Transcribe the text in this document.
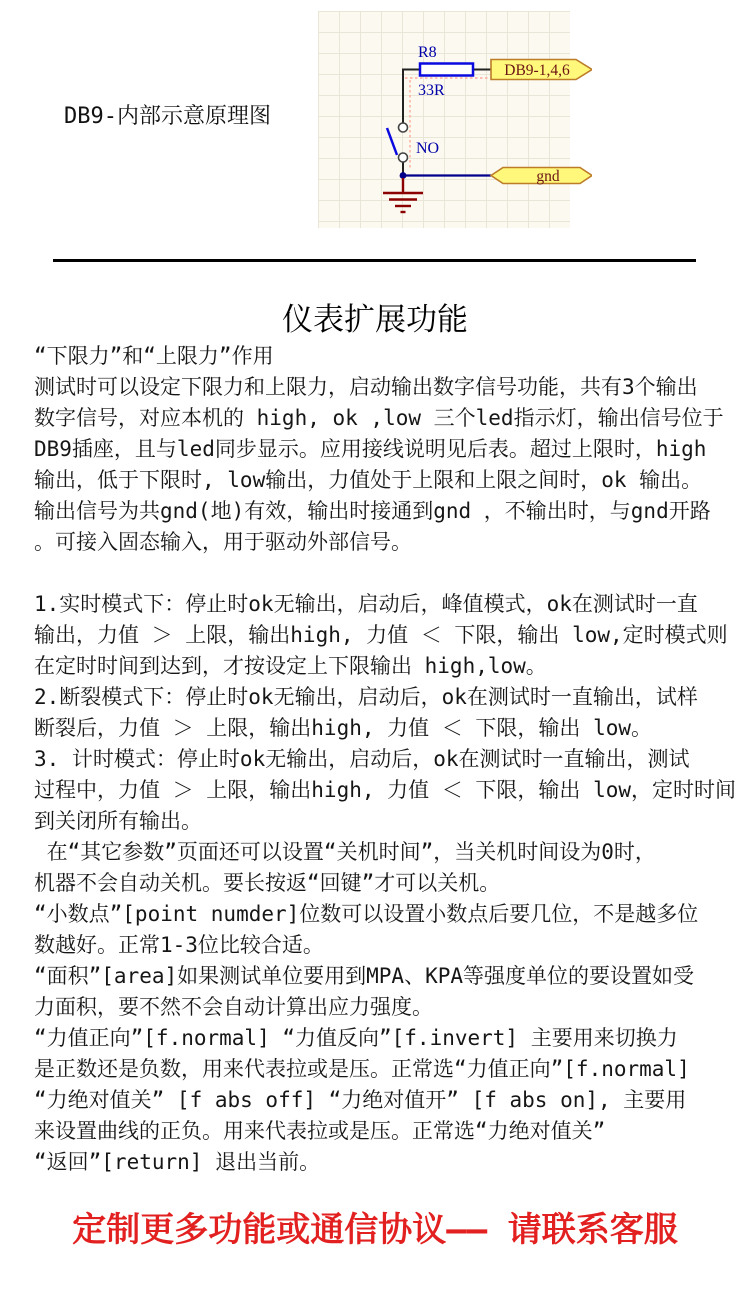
DB9-内部示意原理图
R8
33R
DB9-1,4,6
NO
gnd
仪表扩展功能
“下限力”和“上限力”作用
测试时可以设定下限力和上限力，启动输出数字信号功能，共有3个输出
数字信号，对应本机的 high, ok ,low 三个led指示灯，输出信号位于
DB9插座，且与led同步显示。应用接线说明见后表。超过上限时，high
输出，低于下限时, low输出，力值处于上限和上限之间时，ok 输出。
输出信号为共gnd(地)有效，输出时接通到gnd ，不输出时，与gnd开路
。可接入固态输入，用于驱动外部信号。
1.实时模式下：停止时ok无输出，启动后，峰值模式，ok在测试时一直
输出，力值 ＞ 上限，输出high, 力值 ＜ 下限，输出 low,定时模式则
在定时时间到达到，才按设定上下限输出 high,low。
2.断裂模式下：停止时ok无输出，启动后，ok在测试时一直输出，试样
断裂后，力值 ＞ 上限，输出high, 力值 ＜ 下限，输出 low。
3. 计时模式：停止时ok无输出，启动后，ok在测试时一直输出，测试
过程中，力值 ＞ 上限，输出high, 力值 ＜ 下限，输出 low，定时时间
到关闭所有输出。
在“其它参数”页面还可以设置“关机时间”，当关机时间设为0时，
机器不会自动关机。要长按返“回键”才可以关机。
“小数点”[point numder]位数可以设置小数点后要几位，不是越多位
数越好。正常1-3位比较合适。
“面积”[area]如果测试单位要用到MPA、KPA等强度单位的要设置如受
力面积，要不然不会自动计算出应力强度。
“力值正向”[f.normal] “力值反向”[f.invert] 主要用来切换力
是正数还是负数，用来代表拉或是压。正常选“力值正向”[f.normal]
“力绝对值关” [f abs off] “力绝对值开” [f abs on], 主要用
来设置曲线的正负。用来代表拉或是压。正常选“力绝对值关”
“返回”[return] 退出当前。
定制更多功能或通信协议—— 请联系客服
